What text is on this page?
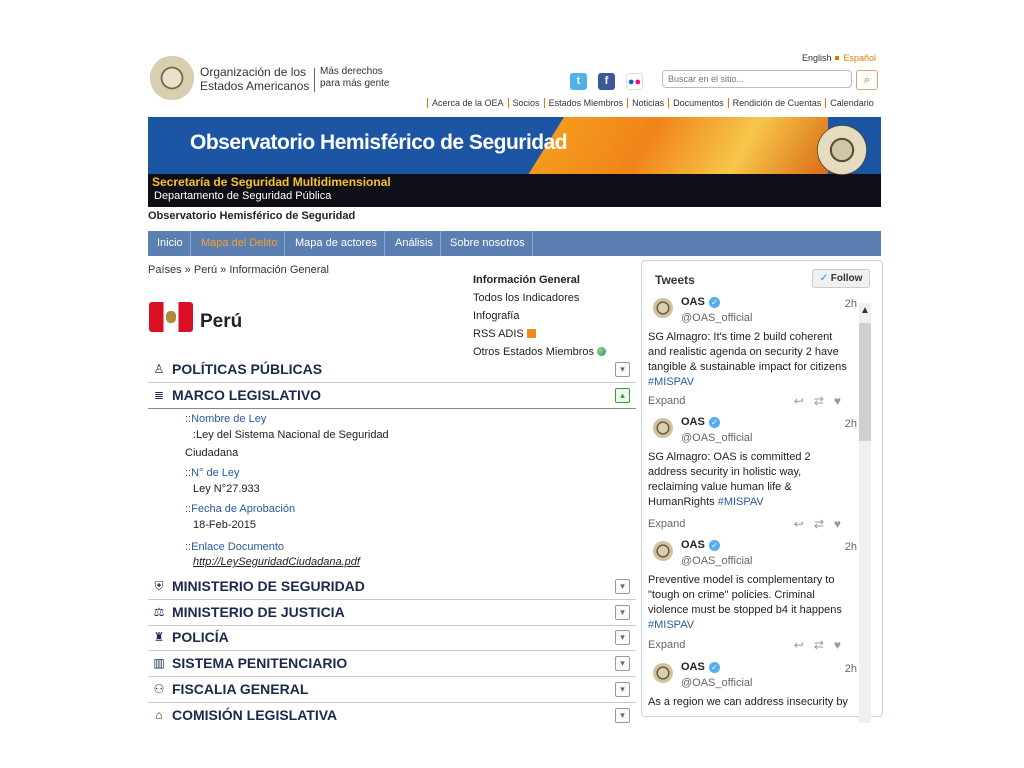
Organización de los
Estados Americanos
Más derechos
para más gente
English Español
t	f	●●
Buscar en el sitio...	⌕
Acerca de la OEA Socios Estados Miembros Noticias Documentos Rendición de Cuentas Calendario
Observatorio Hemisférico de Seguridad
Secretaría de Seguridad Multidimensional
Departamento de Seguridad Pública
Observatorio Hemisférico de Seguridad
Inicio	Mapa del Delito	Mapa de actores	Análisis	Sobre nosotros
Países » Perú » Información General
Perú
Información General
Todos los Indicadores
Infografía
RSS ADIS
Otros Estados Miembros
♙ POLÍTICAS PÚBLICAS	▾
≣ MARCO LEGISLATIVO	▴
::Nombre de Ley
:Ley del Sistema Nacional de Seguridad
Ciudadana
::N° de Ley
Ley N°27.933
::Fecha de Aprobación
18-Feb-2015
::Enlace Documento
http://LeySeguridadCiudadana.pdf
⛨ MINISTERIO DE SEGURIDAD	▾
⚖ MINISTERIO DE JUSTICIA	▾
♜ POLICÍA	▾
▥ SISTEMA PENITENCIARIO	▾
⚇ FISCALIA GENERAL	▾
⌂ COMISIÓN LEGISLATIVA	▾
Tweets	✓ Follow
▲
OAS ✓
@OAS_official
2h
SG Almagro: It's time 2 build coherent and realistic agenda on security 2 have tangible & sustainable impact for citizens #MISPAV
Expand	↩⇄♥
OAS ✓
@OAS_official
2h
SG Almagro: OAS is committed 2 address security in holistic way, reclaiming value human life & HumanRights #MISPAV
Expand	↩⇄♥
OAS ✓
@OAS_official
2h
Preventive model is complementary to "tough on crime" policies. Criminal violence must be stopped b4 it happens #MISPAV
Expand	↩⇄♥
OAS ✓
@OAS_official
2h
As a region we can address insecurity by
